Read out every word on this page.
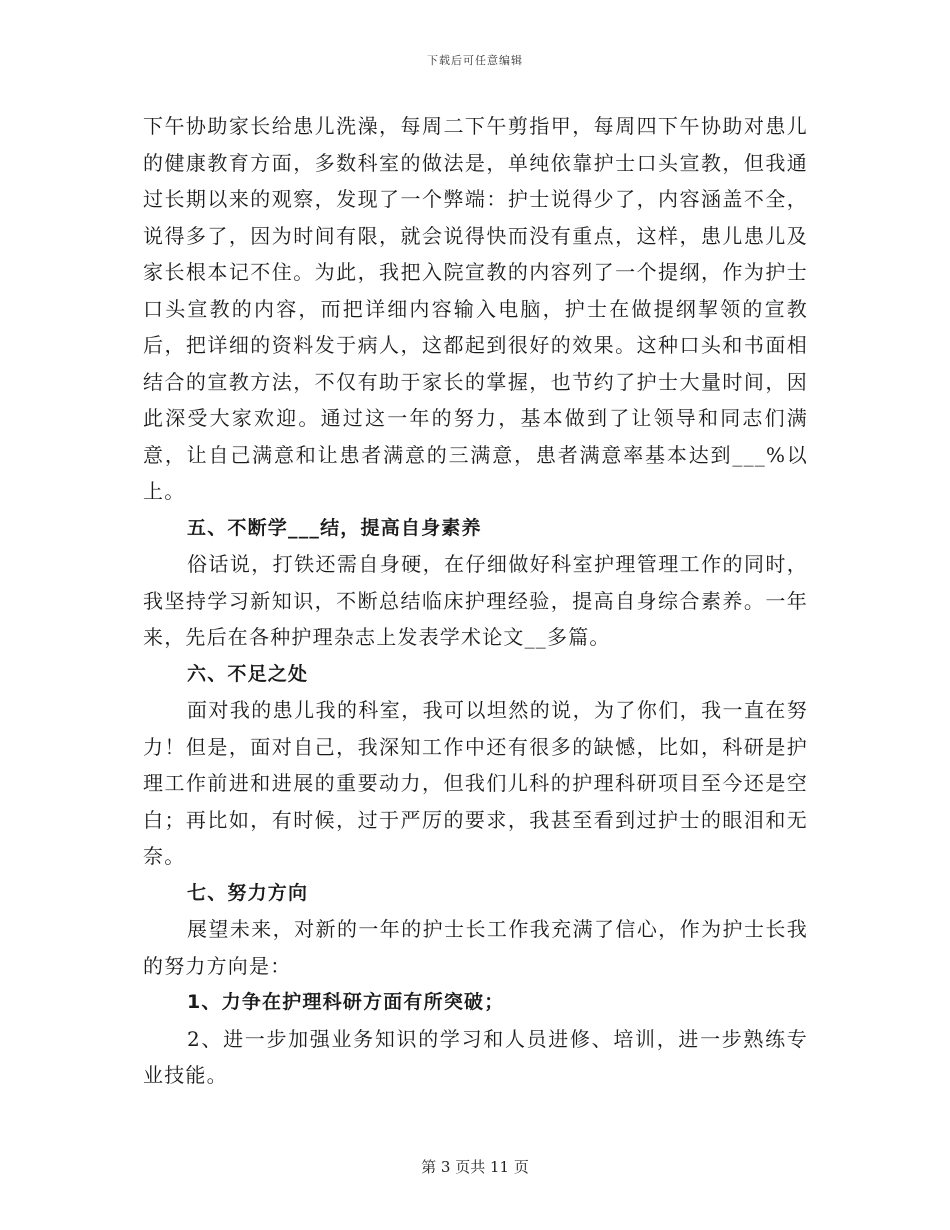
下载后可任意编辑

下午协助家长给患儿洗澡，每周二下午剪指甲，每周四下午协助对患儿的健康教育方面，多数科室的做法是，单纯依靠护士口头宣教，但我通过长期以来的观察，发现了一个弊端：护士说得少了，内容涵盖不全，说得多了，因为时间有限，就会说得快而没有重点，这样，患儿患儿及家长根本记不住。为此，我把入院宣教的内容列了一个提纲，作为护士口头宣教的内容，而把详细内容输入电脑，护士在做提纲挈领的宣教后，把详细的资料发于病人，这都起到很好的效果。这种口头和书面相结合的宣教方法，不仅有助于家长的掌握，也节约了护士大量时间，因此深受大家欢迎。通过这一年的努力，基本做到了让领导和同志们满意，让自己满意和让患者满意的三满意，患者满意率基本达到___%以上。

五、不断学___结，提高自身素养

俗话说，打铁还需自身硬，在仔细做好科室护理管理工作的同时，我坚持学习新知识，不断总结临床护理经验，提高自身综合素养。一年来，先后在各种护理杂志上发表学术论文__多篇。

六、不足之处

面对我的患儿我的科室，我可以坦然的说，为了你们，我一直在努力！但是，面对自己，我深知工作中还有很多的缺憾，比如，科研是护理工作前进和进展的重要动力，但我们儿科的护理科研项目至今还是空白；再比如，有时候，过于严厉的要求，我甚至看到过护士的眼泪和无奈。

七、努力方向

展望未来，对新的一年的护士长工作我充满了信心，作为护士长我的努力方向是：

1、力争在护理科研方面有所突破；

2、进一步加强业务知识的学习和人员进修、培训，进一步熟练专业技能。

第 3 页共 11 页
